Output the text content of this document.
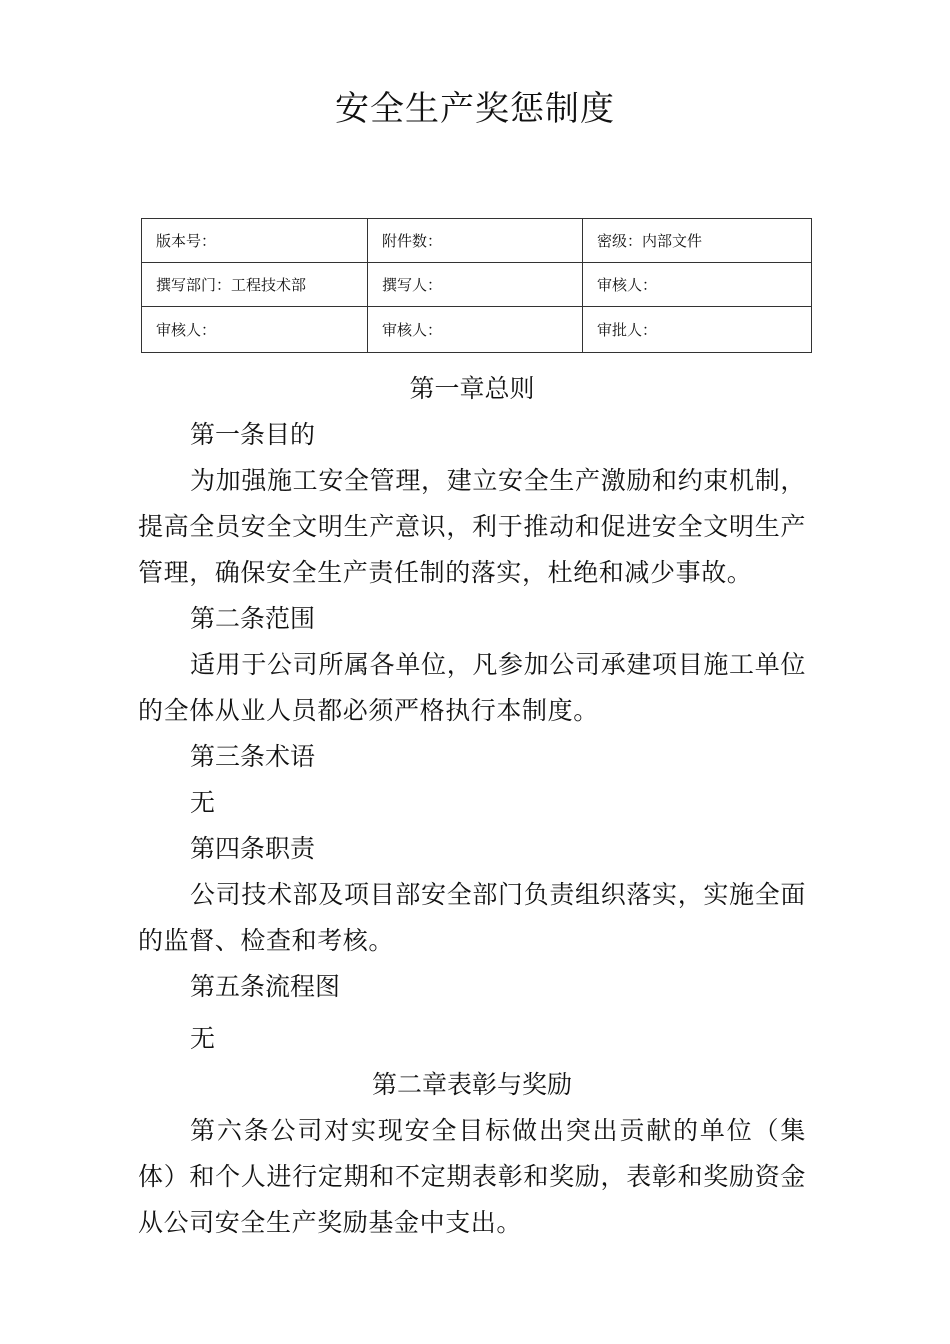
安全生产奖惩制度
版本号：	附件数：	密级：内部文件
撰写部门：工程技术部	撰写人：	审核人：
审核人：	审核人：	审批人：

第一章总则

第一条目的

为加强施工安全管理，建立安全生产激励和约束机制，提高全员安全文明生产意识，利于推动和促进安全文明生产管理，确保安全生产责任制的落实，杜绝和减少事故。

第二条范围

适用于公司所属各单位，凡参加公司承建项目施工单位的全体从业人员都必须严格执行本制度。

第三条术语

无

第四条职责

公司技术部及项目部安全部门负责组织落实，实施全面的监督、检查和考核。

第五条流程图

无

第二章表彰与奖励

第六条公司对实现安全目标做出突出贡献的单位（集体）和个人进行定期和不定期表彰和奖励，表彰和奖励资金从公司安全生产奖励基金中支出。
